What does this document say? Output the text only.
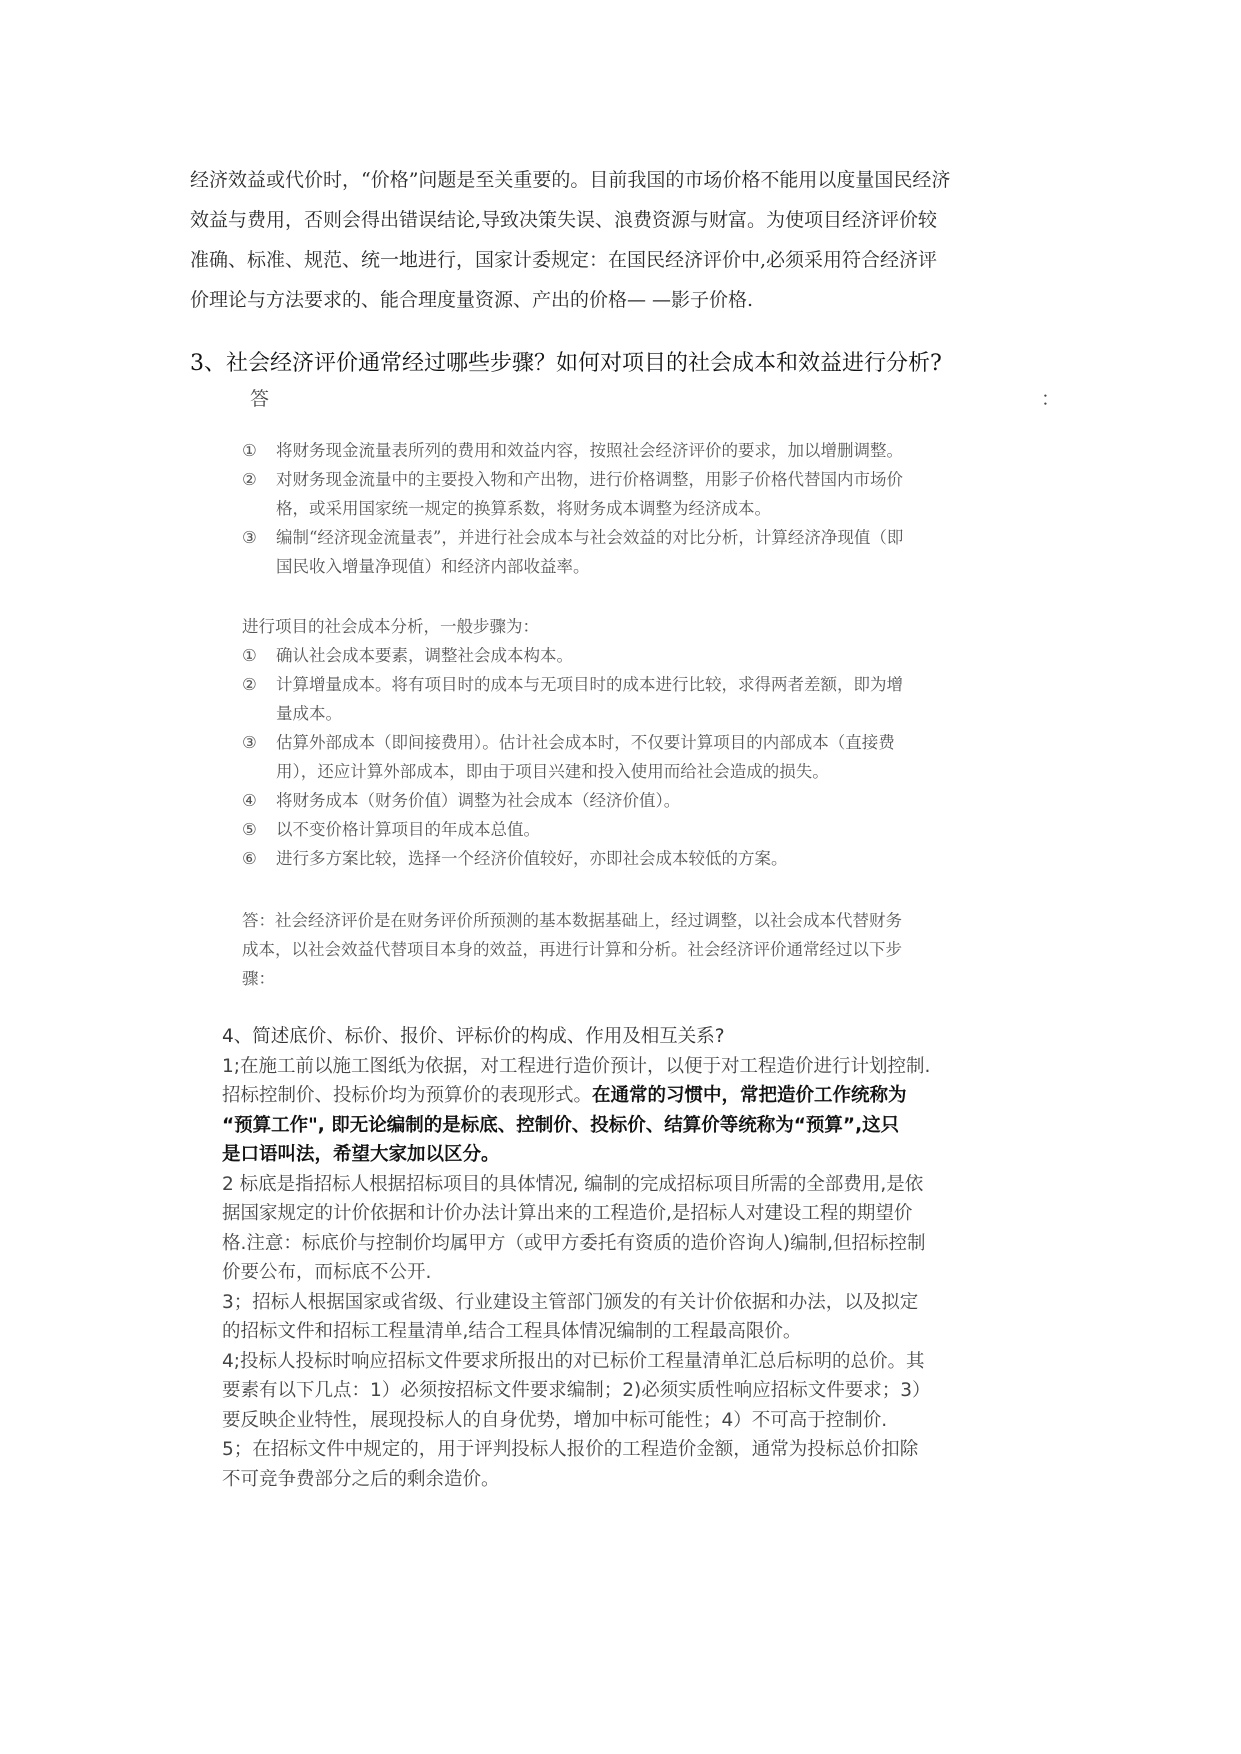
经济效益或代价时，“价格”问题是至关重要的。目前我国的市场价格不能用以度量国民经济
效益与费用，否则会得出错误结论,导致决策失误、浪费资源与财富。为使项目经济评价较
准确、标准、规范、统一地进行，国家计委规定：在国民经济评价中,必须采用符合经济评
价理论与方法要求的、能合理度量资源、产出的价格— —影子价格.
3、社会经济评价通常经过哪些步骤？如何对项目的社会成本和效益进行分析?
答	：
① 将财务现金流量表所列的费用和效益内容，按照社会经济评价的要求，加以增删调整。
② 对财务现金流量中的主要投入物和产出物，进行价格调整，用影子价格代替国内市场价
格，或采用国家统一规定的换算系数，将财务成本调整为经济成本。
③ 编制“经济现金流量表”，并进行社会成本与社会效益的对比分析，计算经济净现值（即
国民收入增量净现值）和经济内部收益率。
进行项目的社会成本分析，一般步骤为：
① 确认社会成本要素，调整社会成本构本。
② 计算增量成本。将有项目时的成本与无项目时的成本进行比较，求得两者差额，即为增
量成本。
③ 估算外部成本（即间接费用）。估计社会成本时，不仅要计算项目的内部成本（直接费
用），还应计算外部成本，即由于项目兴建和投入使用而给社会造成的损失。
④ 将财务成本（财务价值）调整为社会成本（经济价值）。
⑤ 以不变价格计算项目的年成本总值。
⑥ 进行多方案比较，选择一个经济价值较好，亦即社会成本较低的方案。
答：社会经济评价是在财务评价所预测的基本数据基础上，经过调整，以社会成本代替财务
成本，以社会效益代替项目本身的效益，再进行计算和分析。社会经济评价通常经过以下步
骤：
4、简述底价、标价、报价、评标价的构成、作用及相互关系?
1;在施工前以施工图纸为依据，对工程进行造价预计，以便于对工程造价进行计划控制.
招标控制价、投标价均为预算价的表现形式。在通常的习惯中，常把造价工作统称为
“预算工作", 即无论编制的是标底、控制价、投标价、结算价等统称为“预算”,这只
是口语叫法，希望大家加以区分。
2 标底是指招标人根据招标项目的具体情况, 编制的完成招标项目所需的全部费用,是依
据国家规定的计价依据和计价办法计算出来的工程造价,是招标人对建设工程的期望价
格.注意：标底价与控制价均属甲方（或甲方委托有资质的造价咨询人)编制,但招标控制
价要公布，而标底不公开.
3；招标人根据国家或省级、行业建设主管部门颁发的有关计价依据和办法，以及拟定
的招标文件和招标工程量清单,结合工程具体情况编制的工程最高限价。
4;投标人投标时响应招标文件要求所报出的对已标价工程量清单汇总后标明的总价。其
要素有以下几点：1）必须按招标文件要求编制；2)必须实质性响应招标文件要求；3）
要反映企业特性，展现投标人的自身优势，增加中标可能性；4）不可高于控制价.
5；在招标文件中规定的，用于评判投标人报价的工程造价金额，通常为投标总价扣除
不可竞争费部分之后的剩余造价。
